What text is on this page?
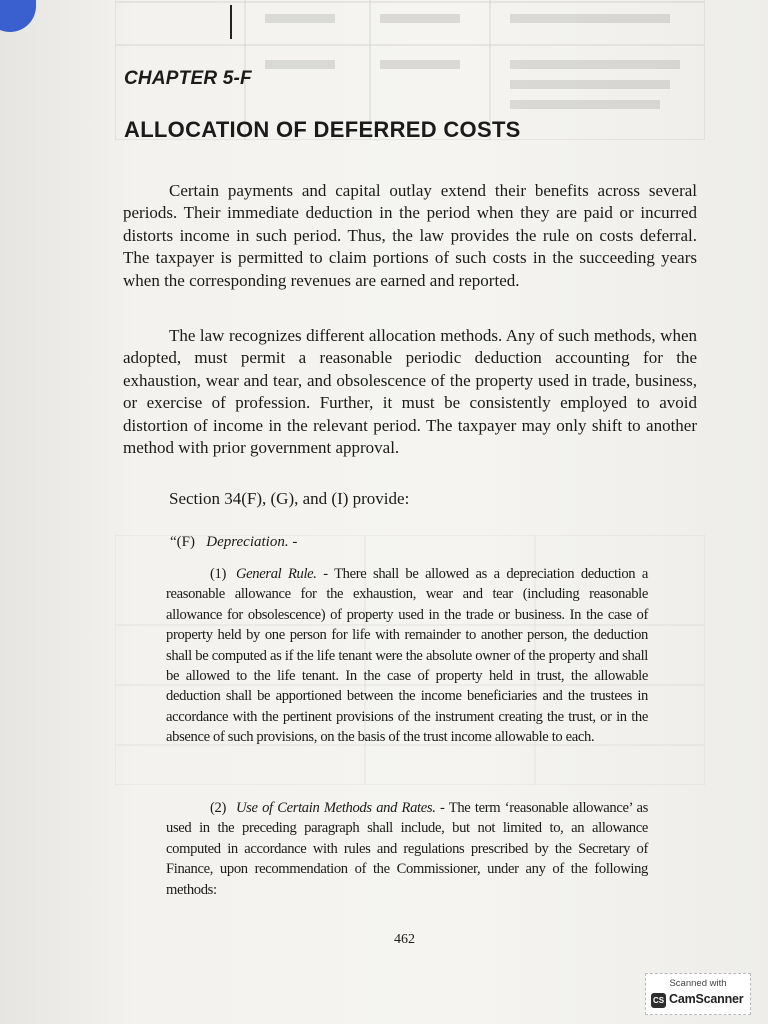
CHAPTER 5-F
ALLOCATION OF DEFERRED COSTS

Certain payments and capital outlay extend their benefits across several periods. Their immediate deduction in the period when they are paid or incurred distorts income in such period. Thus, the law provides the rule on costs deferral. The taxpayer is permitted to claim portions of such costs in the succeeding years when the corresponding revenues are earned and reported.

The law recognizes different allocation methods. Any of such methods, when adopted, must permit a reasonable periodic deduction accounting for the exhaustion, wear and tear, and obsolescence of the property used in trade, business, or exercise of profession. Further, it must be consistently employed to avoid distortion of income in the relevant period. The taxpayer may only shift to another method with prior government approval.

Section 34(F), (G), and (I) provide:

“(F) Depreciation. -

(1) General Rule. - There shall be allowed as a depreciation deduction a reasonable allowance for the exhaustion, wear and tear (including reasonable allowance for obsolescence) of property used in the trade or business. In the case of property held by one person for life with remainder to another person, the deduction shall be computed as if the life tenant were the absolute owner of the property and shall be allowed to the life tenant. In the case of property held in trust, the allowable deduction shall be apportioned between the income beneficiaries and the trustees in accordance with the pertinent provisions of the instrument creating the trust, or in the absence of such provisions, on the basis of the trust income allowable to each.

(2) Use of Certain Methods and Rates. - The term ‘reasonable allowance’ as used in the preceding paragraph shall include, but not limited to, an allowance computed in accordance with rules and regulations prescribed by the Secretary of Finance, upon recommendation of the Commissioner, under any of the following methods:

462
Scanned with
CS CamScanner
